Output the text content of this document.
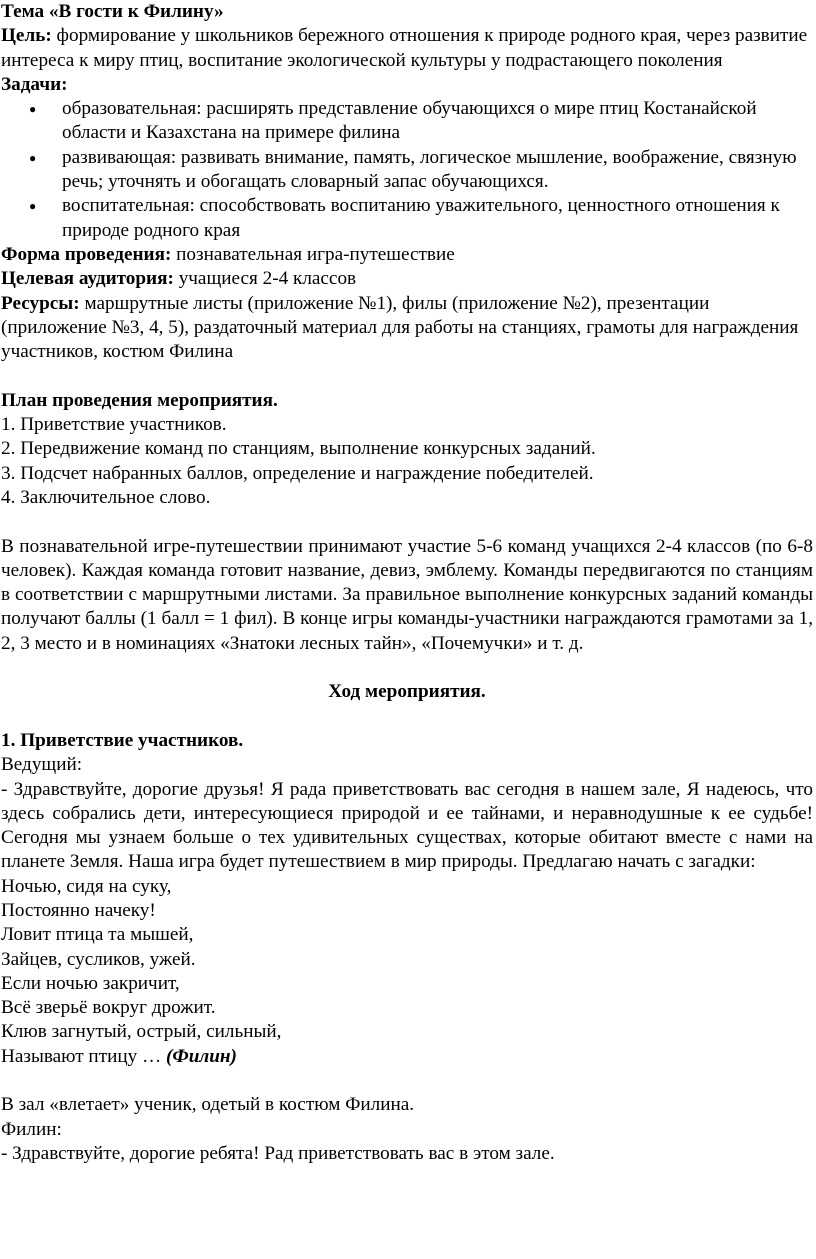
Тема «В гости к Филину»

Цель: формирование у школьников бережного отношения к природе родного края, через развитие интереса к миру птиц, воспитание экологической культуры у подрастающего поколения

Задачи:

● образовательная: расширять представление обучающихся о мире птиц Костанайской области и Казахстана на примере филина
● развивающая: развивать внимание, память, логическое мышление, воображение, связную речь; уточнять и обогащать словарный запас обучающихся.
● воспитательная: способствовать воспитанию уважительного, ценностного отношения к природе родного края

Форма проведения: познавательная игра-путешествие

Целевая аудитория: учащиеся 2-4 классов

Ресурсы: маршрутные листы (приложение №1), филы (приложение №2), презентации (приложение №3, 4, 5), раздаточный материал для работы на станциях, грамоты для награждения участников, костюм Филина

План проведения мероприятия.

1. Приветствие участников.

2. Передвижение команд по станциям, выполнение конкурсных заданий.

3. Подсчет набранных баллов, определение и награждение победителей.

4. Заключительное слово.

В познавательной игре-путешествии принимают участие 5-6 команд учащихся 2-4 классов (по 6-8 человек). Каждая команда готовит название, девиз, эмблему. Команды передвигаются по станциям в соответствии с маршрутными листами. За правильное выполнение конкурсных заданий команды получают баллы (1 балл = 1 фил). В конце игры команды-участники награждаются грамотами за 1, 2, 3 место и в номинациях «Знатоки лесных тайн», «Почемучки» и т. д.

Ход мероприятия.

1. Приветствие участников.

Ведущий:

- Здравствуйте, дорогие друзья! Я рада приветствовать вас сегодня в нашем зале, Я надеюсь, что здесь собрались дети, интересующиеся природой и ее тайнами, и неравнодушные к ее судьбе! Сегодня мы узнаем больше о тех удивительных существах, которые обитают вместе с нами на планете Земля. Наша игра будет путешествием в мир природы. Предлагаю начать с загадки:

Ночью, сидя на суку,

Постоянно начеку!

Ловит птица та мышей,

Зайцев, сусликов, ужей.

Если ночью закричит,

Всё зверьё вокруг дрожит.

Клюв загнутый, острый, сильный,

Называют птицу … (Филин)

В зал «влетает» ученик, одетый в костюм Филина.

Филин:

- Здравствуйте, дорогие ребята! Рад приветствовать вас в этом зале.
